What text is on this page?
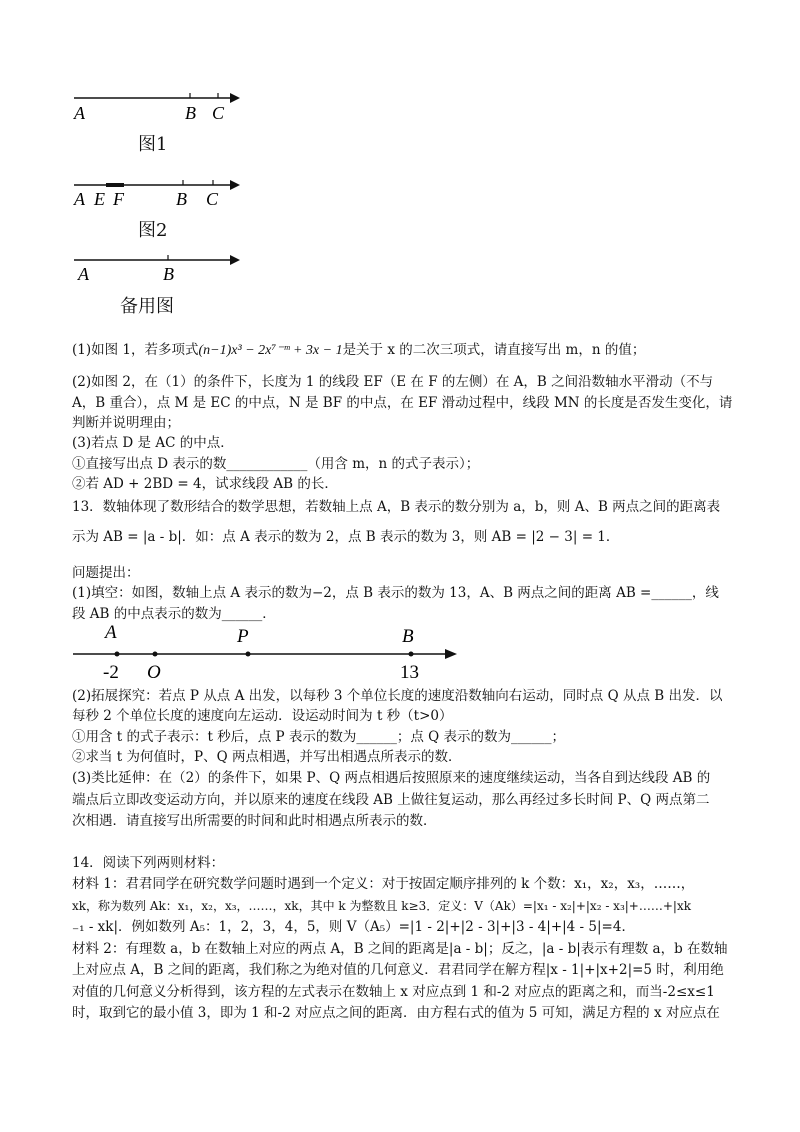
A	B C
图1
A E F	B C
图2
A	B
备用图
(1)如图 1，若多项式(n−1)x³ − 2x⁷⁻ᵐ + 3x − 1是关于 x 的二次三项式，请直接写出 m，n 的值；
(2)如图 2，在（1）的条件下，长度为 1 的线段 EF（E 在 F 的左侧）在 A，B 之间沿数轴水平滑动（不与
A，B 重合），点 M 是 EC 的中点，N 是 BF 的中点，在 EF 滑动过程中，线段 MN 的长度是否发生变化，请
判断并说明理由；
(3)若点 D 是 AC 的中点．
①直接写出点 D 表示的数____________（用含 m，n 的式子表示）；
②若 AD + 2BD = 4，试求线段 AB 的长．
13．数轴体现了数形结合的数学思想，若数轴上点 A，B 表示的数分别为 a，b，则 A、B 两点之间的距离表
示为 AB = |a - b|．如：点 A 表示的数为 2，点 B 表示的数为 3，则 AB = |2 − 3| = 1．
问题提出：
(1)填空：如图，数轴上点 A 表示的数为−2，点 B 表示的数为 13，A、B 两点之间的距离 AB =______，线
段 AB 的中点表示的数为______．
A	P	B
-2 O	13
(2)拓展探究：若点 P 从点 A 出发，以每秒 3 个单位长度的速度沿数轴向右运动，同时点 Q 从点 B 出发．以
每秒 2 个单位长度的速度向左运动．设运动时间为 t 秒（t>0）
①用含 t 的式子表示：t 秒后，点 P 表示的数为______；点 Q 表示的数为______；
②求当 t 为何值时，P、Q 两点相遇，并写出相遇点所表示的数．
(3)类比延伸：在（2）的条件下，如果 P、Q 两点相遇后按照原来的速度继续运动，当各自到达线段 AB 的
端点后立即改变运动方向，并以原来的速度在线段 AB 上做往复运动，那么再经过多长时间 P、Q 两点第二
次相遇．请直接写出所需要的时间和此时相遇点所表示的数．
14．阅读下列两则材料：
材料 1：君君同学在研究数学问题时遇到一个定义：对于按固定顺序排列的 k 个数：x₁，x₂，x₃，……，
xk，称为数列 Ak：x₁，x₂，x₃，……，xk，其中 k 为整数且 k≥3．定义：V（Ak）=|x₁ - x₂|+|x₂ - x₃|+……+|xk
₋₁ - xk|．例如数列 A₅：1，2，3，4，5，则 V（A₅）=|1 - 2|+|2 - 3|+|3 - 4|+|4 - 5|=4．
材料 2：有理数 a，b 在数轴上对应的两点 A，B 之间的距离是|a - b|；反之，|a - b|表示有理数 a，b 在数轴
上对应点 A，B 之间的距离，我们称之为绝对值的几何意义．君君同学在解方程|x - 1|+|x+2|=5 时，利用绝
对值的几何意义分析得到，该方程的左式表示在数轴上 x 对应点到 1 和-2 对应点的距离之和，而当-2≤x≤1
时，取到它的最小值 3，即为 1 和-2 对应点之间的距离．由方程右式的值为 5 可知，满足方程的 x 对应点在
